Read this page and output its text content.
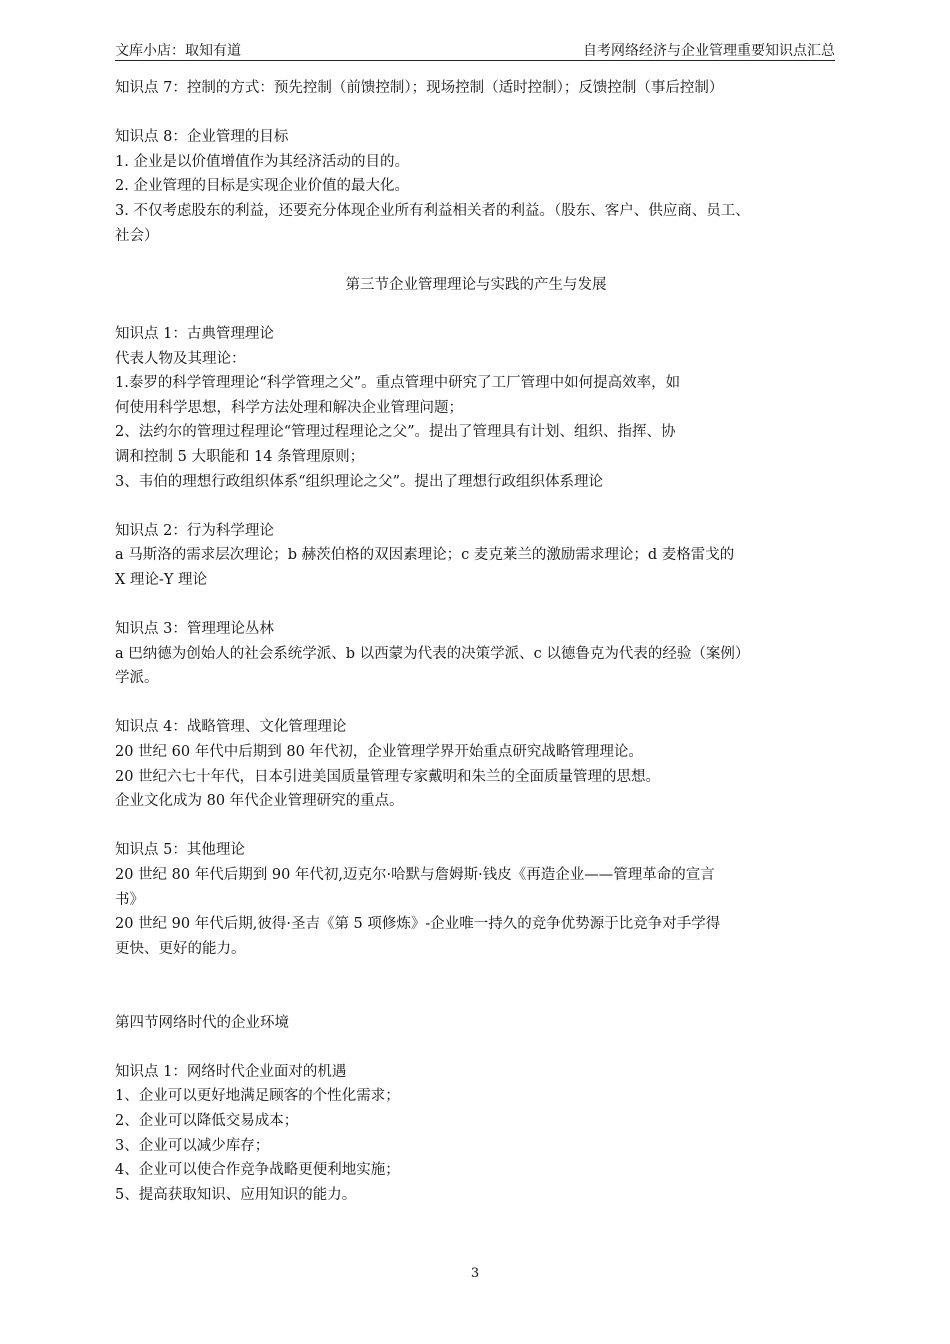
文库小店：取知有道	自考网络经济与企业管理重要知识点汇总

知识点 7：控制的方式：预先控制（前馈控制）；现场控制（适时控制）；反馈控制（事后控制）

知识点 8：企业管理的目标

1. 企业是以价值增值作为其经济活动的目的。

2. 企业管理的目标是实现企业价值的最大化。

3. 不仅考虑股东的利益，还要充分体现企业所有利益相关者的利益。（股东、客户、供应商、员工、

社会）

第三节企业管理理论与实践的产生与发展

知识点 1：古典管理理论

代表人物及其理论：

1.泰罗的科学管理理论“科学管理之父”。重点管理中研究了工厂管理中如何提高效率，如

何使用科学思想，科学方法处理和解决企业管理问题；

2、法约尔的管理过程理论“管理过程理论之父”。提出了管理具有计划、组织、指挥、协

调和控制 5 大职能和 14 条管理原则；

3、韦伯的理想行政组织体系“组织理论之父”。提出了理想行政组织体系理论

知识点 2：行为科学理论

a 马斯洛的需求层次理论；b 赫茨伯格的双因素理论；c 麦克莱兰的激励需求理论；d 麦格雷戈的

X 理论-Y 理论

知识点 3：管理理论丛林

a 巴纳德为创始人的社会系统学派、b 以西蒙为代表的决策学派、c 以德鲁克为代表的经验（案例）

学派。

知识点 4：战略管理、文化管理理论

20 世纪 60 年代中后期到 80 年代初，企业管理学界开始重点研究战略管理理论。

20 世纪六七十年代，日本引进美国质量管理专家戴明和朱兰的全面质量管理的思想。

企业文化成为 80 年代企业管理研究的重点。

知识点 5：其他理论

20 世纪 80 年代后期到 90 年代初,迈克尔·哈默与詹姆斯·钱皮《再造企业——管理革命的宣言

书》

20 世纪 90 年代后期,彼得·圣吉《第 5 项修炼》-企业唯一持久的竞争优势源于比竞争对手学得

更快、更好的能力。

第四节网络时代的企业环境

知识点 1：网络时代企业面对的机遇

1、企业可以更好地满足顾客的个性化需求；

2、企业可以降低交易成本；

3、企业可以减少库存；

4、企业可以使合作竞争战略更便利地实施；

5、提高获取知识、应用知识的能力。

3
